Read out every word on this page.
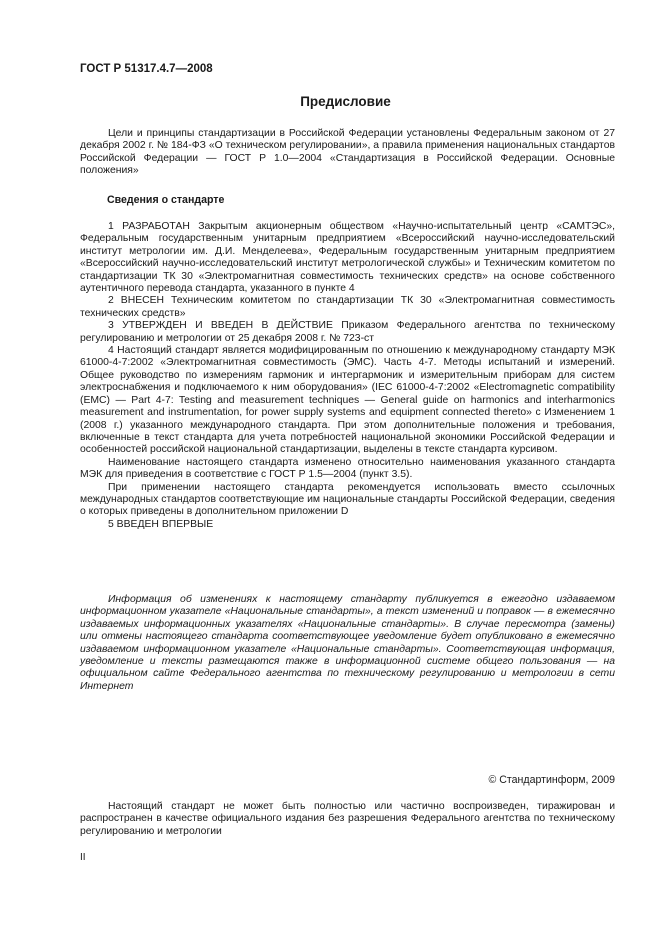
ГОСТ Р 51317.4.7—2008
Предисловие

Цели и принципы стандартизации в Российской Федерации установлены Федеральным законом от 27 декабря 2002 г. № 184-ФЗ «О техническом регулировании», а правила применения национальных стандартов Российской Федерации — ГОСТ Р 1.0—2004 «Стандартизация в Российской Федерации. Основные положения»

Сведения о стандарте

1 РАЗРАБОТАН Закрытым акционерным обществом «Научно-испытательный центр «САМТЭС», Федеральным государственным унитарным предприятием «Всероссийский научно-исследовательский институт метрологии им. Д.И. Менделеева», Федеральным государственным унитарным предприятием «Всероссийский научно-исследовательский институт метрологической службы» и Техническим комитетом по стандартизации ТК 30 «Электромагнитная совместимость технических средств» на основе собственного аутентичного перевода стандарта, указанного в пункте 4

2 ВНЕСЕН Техническим комитетом по стандартизации ТК 30 «Электромагнитная совместимость технических средств»

3 УТВЕРЖДЕН И ВВЕДЕН В ДЕЙСТВИЕ Приказом Федерального агентства по техническому регулированию и метрологии от 25 декабря 2008 г. № 723-ст

4 Настоящий стандарт является модифицированным по отношению к международному стандарту МЭК 61000-4-7:2002 «Электромагнитная совместимость (ЭМС). Часть 4-7. Методы испытаний и измерений. Общее руководство по измерениям гармоник и интергармоник и измерительным приборам для систем электроснабжения и подключаемого к ним оборудования» (IEC 61000-4-7:2002 «Electromagnetic compatibility (EMC) — Part 4-7: Testing and measurement techniques — General guide on harmonics and interharmonics measurement and instrumentation, for power supply systems and equipment connected thereto» с Изменением 1 (2008 г.) указанного международного стандарта. При этом дополнительные положения и требования, включенные в текст стандарта для учета потребностей национальной экономики Российской Федерации и особенностей российской национальной стандартизации, выделены в тексте стандарта курсивом.

Наименование настоящего стандарта изменено относительно наименования указанного стандарта МЭК для приведения в соответствие с ГОСТ Р 1.5—2004 (пункт 3.5).

При применении настоящего стандарта рекомендуется использовать вместо ссылочных международных стандартов соответствующие им национальные стандарты Российской Федерации, сведения о которых приведены в дополнительном приложении D

5 ВВЕДЕН ВПЕРВЫЕ

Информация об изменениях к настоящему стандарту публикуется в ежегодно издаваемом информационном указателе «Национальные стандарты», а текст изменений и поправок — в ежемесячно издаваемых информационных указателях «Национальные стандарты». В случае пересмотра (замены) или отмены настоящего стандарта соответствующее уведомление будет опубликовано в ежемесячно издаваемом информационном указателе «Национальные стандарты». Соответствующая информация, уведомление и тексты размещаются также в информационной системе общего пользования — на официальном сайте Федерального агентства по техническому регулированию и метрологии в сети Интернет

© Стандартинформ, 2009

Настоящий стандарт не может быть полностью или частично воспроизведен, тиражирован и распространен в качестве официального издания без разрешения Федерального агентства по техническому регулированию и метрологии

II
